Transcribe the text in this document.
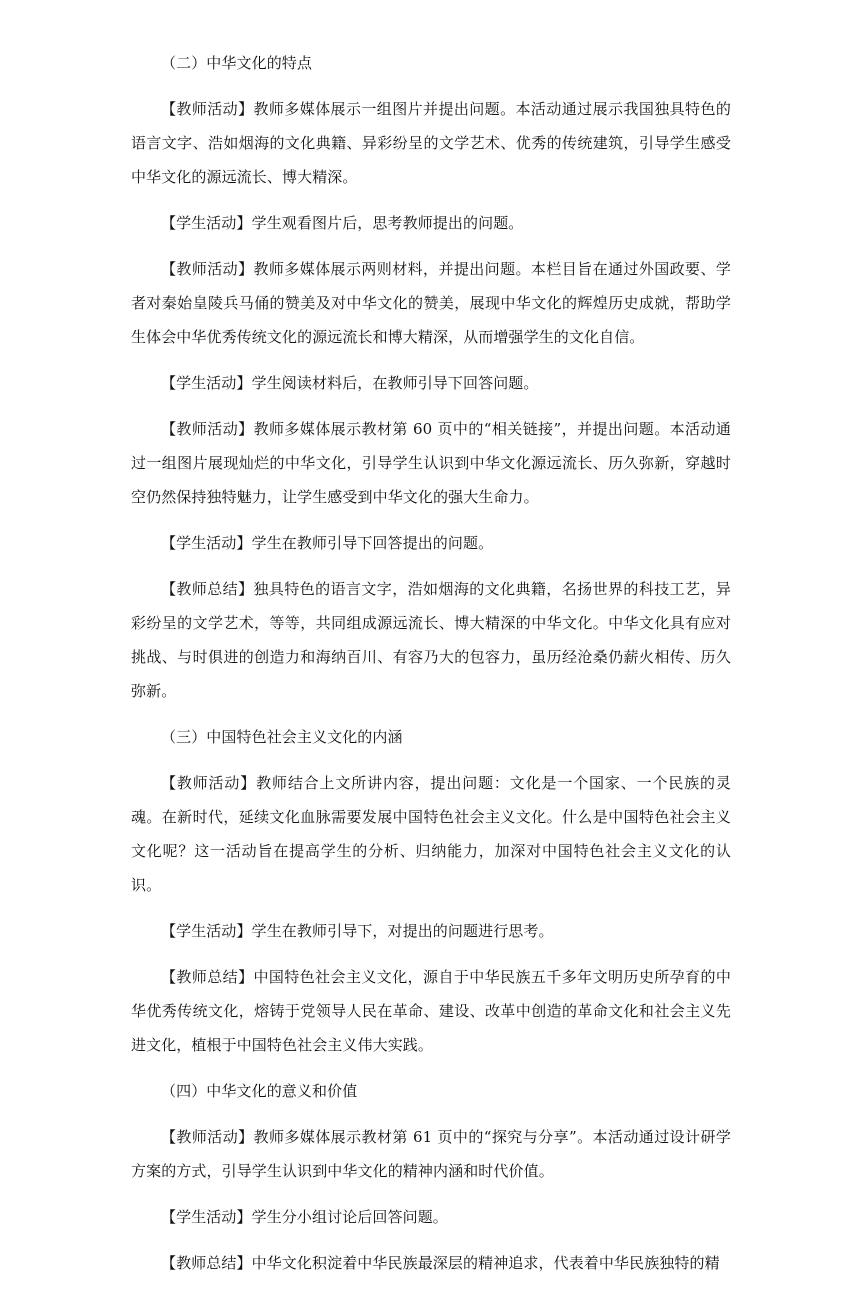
（二）中华文化的特点

【教师活动】教师多媒体展示一组图片并提出问题。本活动通过展示我国独具特色的语言文字、浩如烟海的文化典籍、异彩纷呈的文学艺术、优秀的传统建筑，引导学生感受中华文化的源远流长、博大精深。

【学生活动】学生观看图片后，思考教师提出的问题。

【教师活动】教师多媒体展示两则材料，并提出问题。本栏目旨在通过外国政要、学者对秦始皇陵兵马俑的赞美及对中华文化的赞美，展现中华文化的辉煌历史成就，帮助学生体会中华优秀传统文化的源远流长和博大精深，从而增强学生的文化自信。

【学生活动】学生阅读材料后，在教师引导下回答问题。

【教师活动】教师多媒体展示教材第 60 页中的“相关链接”，并提出问题。本活动通过一组图片展现灿烂的中华文化，引导学生认识到中华文化源远流长、历久弥新，穿越时空仍然保持独特魅力，让学生感受到中华文化的强大生命力。

【学生活动】学生在教师引导下回答提出的问题。

【教师总结】独具特色的语言文字，浩如烟海的文化典籍，名扬世界的科技工艺，异彩纷呈的文学艺术，等等，共同组成源远流长、博大精深的中华文化。中华文化具有应对挑战、与时俱进的创造力和海纳百川、有容乃大的包容力，虽历经沧桑仍薪火相传、历久弥新。

（三）中国特色社会主义文化的内涵

【教师活动】教师结合上文所讲内容，提出问题：文化是一个国家、一个民族的灵魂。在新时代，延续文化血脉需要发展中国特色社会主义文化。什么是中国特色社会主义文化呢？这一活动旨在提高学生的分析、归纳能力，加深对中国特色社会主义文化的认识。

【学生活动】学生在教师引导下，对提出的问题进行思考。

【教师总结】中国特色社会主义文化，源自于中华民族五千多年文明历史所孕育的中华优秀传统文化，熔铸于党领导人民在革命、建设、改革中创造的革命文化和社会主义先进文化，植根于中国特色社会主义伟大实践。

（四）中华文化的意义和价值

【教师活动】教师多媒体展示教材第 61 页中的“探究与分享”。本活动通过设计研学方案的方式，引导学生认识到中华文化的精神内涵和时代价值。

【学生活动】学生分小组讨论后回答问题。

【教师总结】中华文化积淀着中华民族最深层的精神追求，代表着中华民族独特的精
